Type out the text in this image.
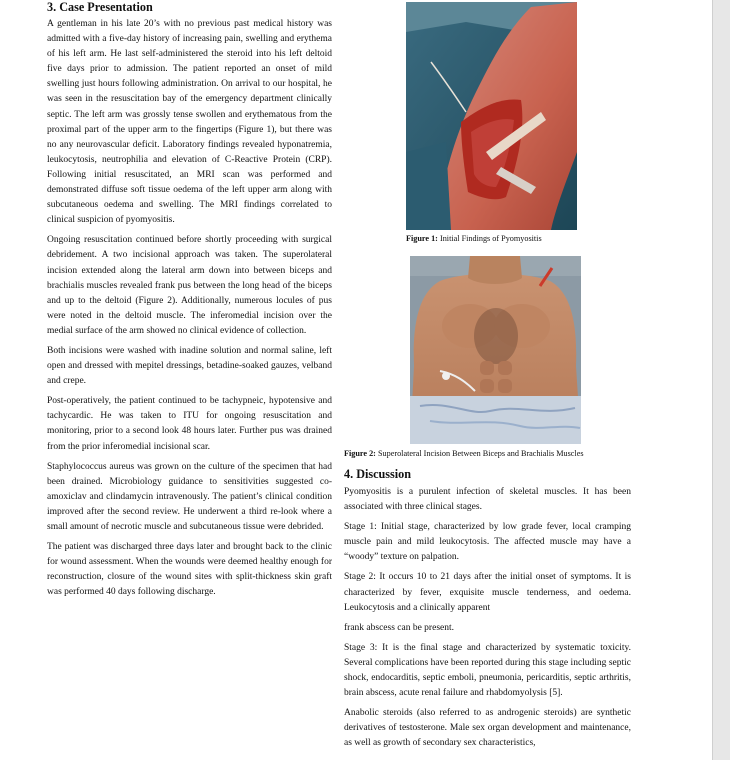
3. Case Presentation

A gentleman in his late 20’s with no previous past medical history was admitted with a five-day history of increasing pain, swelling and erythema of his left arm. He last self-administered the steroid into his left deltoid five days prior to admission. The patient reported an onset of mild swelling just hours following administration. On arrival to our hospital, he was seen in the resuscitation bay of the emergency department clinically septic. The left arm was grossly tense swollen and erythematous from the proximal part of the upper arm to the fingertips (Figure 1), but there was no any neurovascular deficit. Laboratory findings revealed hyponatremia, leukocytosis, neutrophilia and elevation of C-Reactive Protein (CRP). Following initial resuscitated, an MRI scan was performed and demonstrated diffuse soft tissue oedema of the left upper arm along with subcutaneous oedema and swelling. The MRI findings correlated to clinical suspicion of pyomyositis.

Ongoing resuscitation continued before shortly proceeding with surgical debridement. A two incisional approach was taken. The superolateral incision extended along the lateral arm down into between biceps and brachialis muscles revealed frank pus between the long head of the biceps and up to the deltoid (Figure 2). Additionally, numerous locules of pus were noted in the deltoid muscle. The inferomedial incision over the medial surface of the arm showed no clinical evidence of collection.

Both incisions were washed with inadine solution and normal saline, left open and dressed with mepitel dressings, betadine-soaked gauzes, velband and crepe.

Post-operatively, the patient continued to be tachypneic, hypotensive and tachycardic. He was taken to ITU for ongoing resuscitation and monitoring, prior to a second look 48 hours later. Further pus was drained from the prior inferomedial incisional scar.

Staphylococcus aureus was grown on the culture of the specimen that had been drained. Microbiology guidance to sensitivities suggested co-amoxiclav and clindamycin intravenously. The patient’s clinical condition improved after the second review. He underwent a third re-look where a small amount of necrotic muscle and subcutaneous tissue were debrided.

The patient was discharged three days later and brought back to the clinic for wound assessment. When the wounds were deemed healthy enough for reconstruction, closure of the wound sites with split-thickness skin graft was performed 40 days following discharge.

Figure 1: Initial Findings of Pyomyositis
Figure 2: Superolateral Incision Between Biceps and Brachialis Muscles
4. Discussion

Pyomyositis is a purulent infection of skeletal muscles. It has been associated with three clinical stages.

Stage 1: Initial stage, characterized by low grade fever, local cramping muscle pain and mild leukocytosis. The affected muscle may have a “woody” texture on palpation.

Stage 2: It occurs 10 to 21 days after the initial onset of symptoms. It is characterized by fever, exquisite muscle tenderness, and oedema. Leukocytosis and a clinically apparent

frank abscess can be present.

Stage 3: It is the final stage and characterized by systematic toxicity. Several complications have been reported during this stage including septic shock, endocarditis, septic emboli, pneumonia, pericarditis, septic arthritis, brain abscess, acute renal failure and rhabdomyolysis [5].

Anabolic steroids (also referred to as androgenic steroids) are synthetic derivatives of testosterone. Male sex organ development and maintenance, as well as growth of secondary sex characteristics,
